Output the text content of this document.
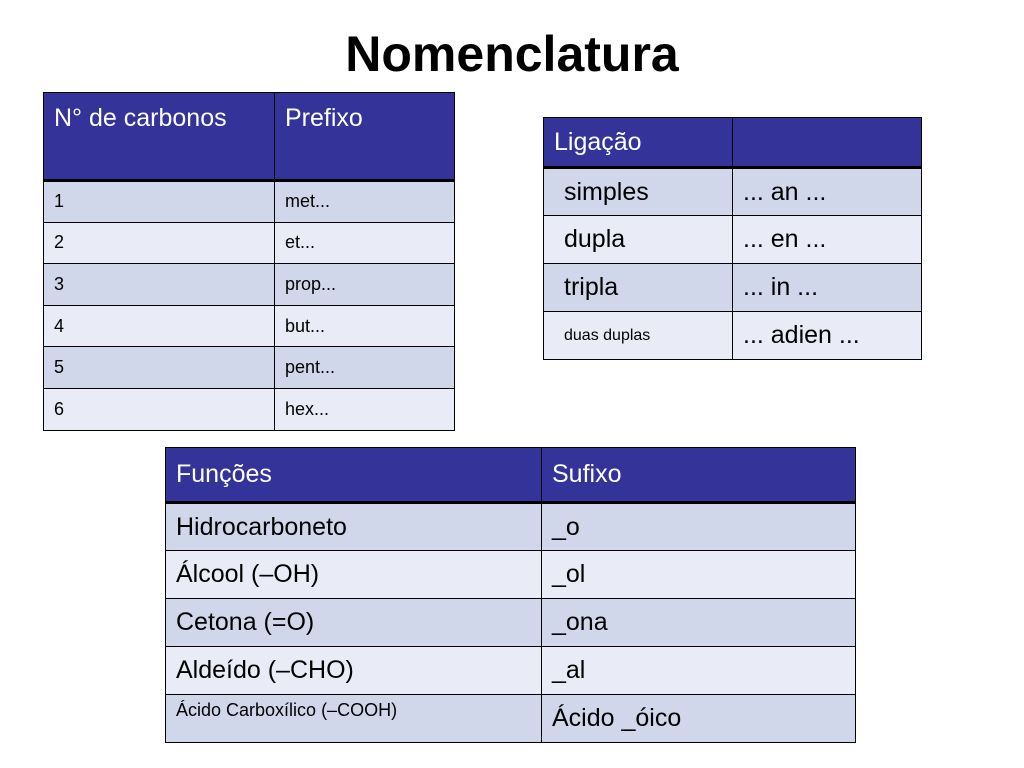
Nomenclatura
N° de carbonos	Prefixo
1	met...
2	et...
3	prop...
4	but...
5	pent...
6	hex...
Ligação	
simples	... an ...
dupla	... en ...
tripla	... in ...
duas duplas	... adien ...
Funções	Sufixo
Hidrocarboneto	_o
Álcool (–OH)	_ol
Cetona (=O)	_ona
Aldeído (–CHO)	_al
Ácido Carboxílico (–COOH)	Ácido _óico
